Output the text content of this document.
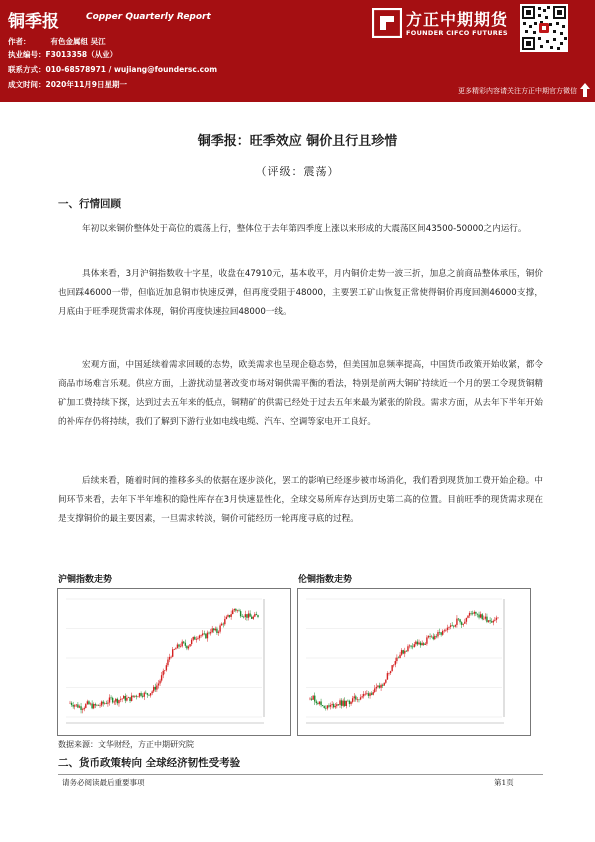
铜季报	Copper Quarterly Report
作者：	有色金属组 吴江
执业编号：F3013358（从业）
联系方式：010-68578971 / wujiang@foundersc.com
成文时间：2020年11月9日星期一
方正中期期货
FOUNDER CIFCO FUTURES
更多精彩内容请关注方正中期官方微信
铜季报：旺季效应 铜价且行且珍惜
（评级：震荡）
一、行情回顾

年初以来铜价整体处于高位的震荡上行，整体位于去年第四季度上涨以来形成的大震荡区间43500-50000之内运行。

具体来看，3月沪铜指数收十字星，收盘在47910元，基本收平，月内铜价走势一波三折，加息之前商品整体承压，铜价也回踩46000一带，但临近加息铜市快速反弹，但再度受阻于48000，主要罢工矿山恢复正常使得铜价再度回测46000支撑，月底由于旺季现货需求体现，铜价再度快速拉回48000一线。

宏观方面，中国延续着需求回暖的态势，欧美需求也呈现企稳态势，但美国加息频率提高，中国货币政策开始收紧，都令商品市场难言乐观。供应方面，上游扰动显著改变市场对铜供需平衡的看法，特别是前两大铜矿持续近一个月的罢工令现货铜精矿加工费持续下探，达到过去五年来的低点，铜精矿的供需已经处于过去五年来最为紧张的阶段。需求方面，从去年下半年开始的补库存仍将持续，我们了解到下游行业如电线电缆、汽车、空调等家电开工良好。

后续来看，随着时间的推移多头的依据在逐步淡化，罢工的影响已经逐步被市场消化，我们看到现货加工费开始企稳。中间环节来看，去年下半年堆积的隐性库存在3月快速显性化，全球交易所库存达到历史第二高的位置。目前旺季的现货需求现在是支撑铜价的最主要因素，一旦需求转淡，铜价可能经历一轮再度寻底的过程。

沪铜指数走势	伦铜指数走势
数据来源：文华财经，方正中期研究院
二、货币政策转向 全球经济韧性受考验
请务必阅读最后重要事项	第1页
